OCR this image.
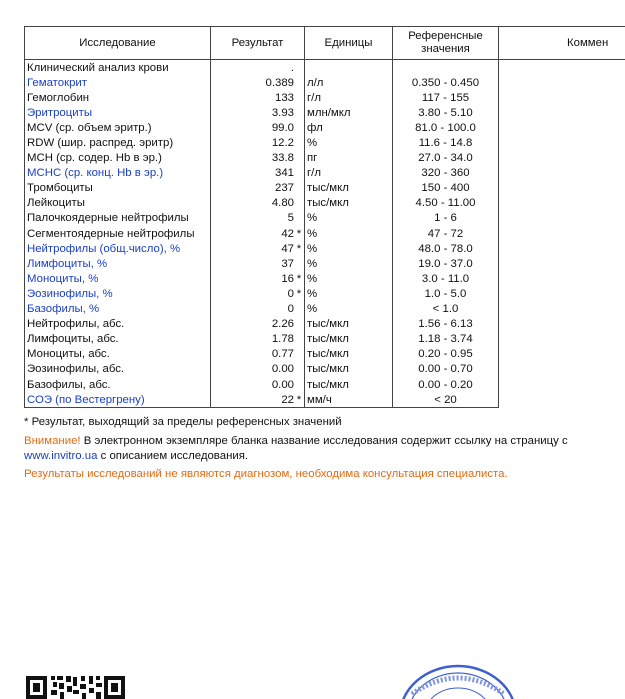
Исследование	Результат	Единицы	Референсные
значения	Коммен
Клинический анализ крови	.			
Гематокрит	0.389	л/л	0.350 - 0.450	
Гемоглобин	133	г/л	117 - 155	
Эритроциты	3.93	млн/мкл	3.80 - 5.10	
MCV (ср. объем эритр.)	99.0	фл	81.0 - 100.0	
RDW (шир. распред. эритр)	12.2	%	11.6 - 14.8	
MCH (ср. содер. Hb в эр.)	33.8	пг	27.0 - 34.0	
MCHC (ср. конц. Hb в эр.)	341	г/л	320 - 360	
Тромбоциты	237	тыс/мкл	150 - 400	
Лейкоциты	4.80	тыс/мкл	4.50 - 11.00	
Палочкоядерные нейтрофилы	5	%	1 - 6	
Сегментоядерные нейтрофилы	42 *	%	47 - 72	
Нейтрофилы (общ.число), %	47 *	%	48.0 - 78.0	
Лимфоциты, %	37	%	19.0 - 37.0	
Моноциты, %	16 *	%	3.0 - 11.0	
Эозинофилы, %	0 *	%	1.0 - 5.0	
Базофилы, %	0	%	< 1.0	
Нейтрофилы, абс.	2.26	тыс/мкл	1.56 - 6.13	
Лимфоциты, абс.	1.78	тыс/мкл	1.18 - 3.74	
Моноциты, абс.	0.77	тыс/мкл	0.20 - 0.95	
Эозинофилы, абс.	0.00	тыс/мкл	0.00 - 0.70	
Базофилы, абс.	0.00	тыс/мкл	0.00 - 0.20	
СОЭ (по Вестергрену)	22 *	мм/ч	< 20	
* Результат, выходящий за пределы референсных значений
Внимание! В электронном экземпляре бланка название исследования содержит ссылку на страницу с
www.invitro.ua с описанием исследования.
Результаты исследований не являются диагнозом, необходима консультация специалиста.
